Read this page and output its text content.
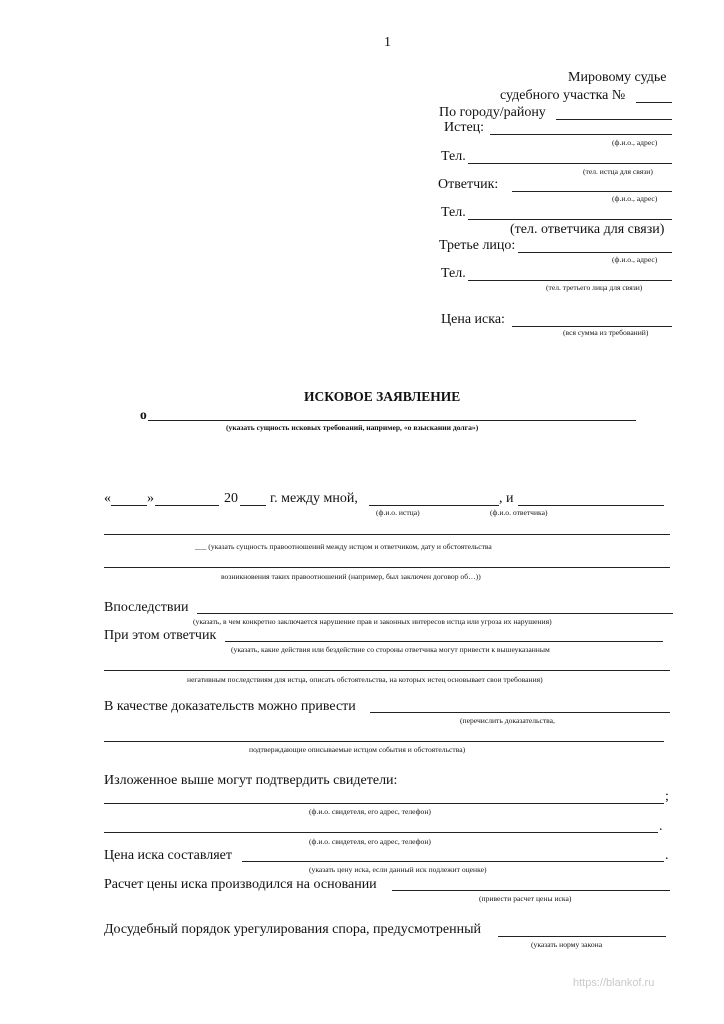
1
Мировому судье
судебного участка №
По городу/району
Истец:
(ф.и.о., адрес)
Тел.
(тел. истца для связи)
Ответчик:
(ф.и.о., адрес)
Тел.
(тел. ответчика для связи)
Третье лицо:
(ф.и.о., адрес)
Тел.
(тел. третьего лица для связи)
Цена иска:
(вся сумма из требований)
ИСКОВОЕ ЗАЯВЛЕНИЕ
о
(указать сущность исковых требований, например, «о взыскании долга»)
«	»	20 г. между мной,	, и
(ф.и.о. истца)	(ф.и.о. ответчика)
___ (указать сущность правоотношений между истцом и ответчиком, дату и обстоятельства
возникновения таких правоотношений (например, был заключен договор об…))
Впоследствии
(указать, в чем конкретно заключается нарушение прав и законных интересов истца или угроза их нарушения)
При этом ответчик
(указать, какие действия или бездействие со стороны ответчика могут привести к вышеуказанным
негативным последствиям для истца, описать обстоятельства, на которых истец основывает свои требования)
В качестве доказательств можно привести
(перечислить доказательства,
подтверждающие описываемые истцом события и обстоятельства)
Изложенное выше могут подтвердить свидетели:
;
(ф.и.о. свидетеля, его адрес, телефон)
.
(ф.и.о. свидетеля, его адрес, телефон)
Цена иска составляет	.
(указать цену иска, если данный иск подлежит оценке)
Расчет цены иска производился на основании
(привести расчет цены иска)
Досудебный порядок урегулирования спора, предусмотренный
(указать норму закона
https://blankof.ru
